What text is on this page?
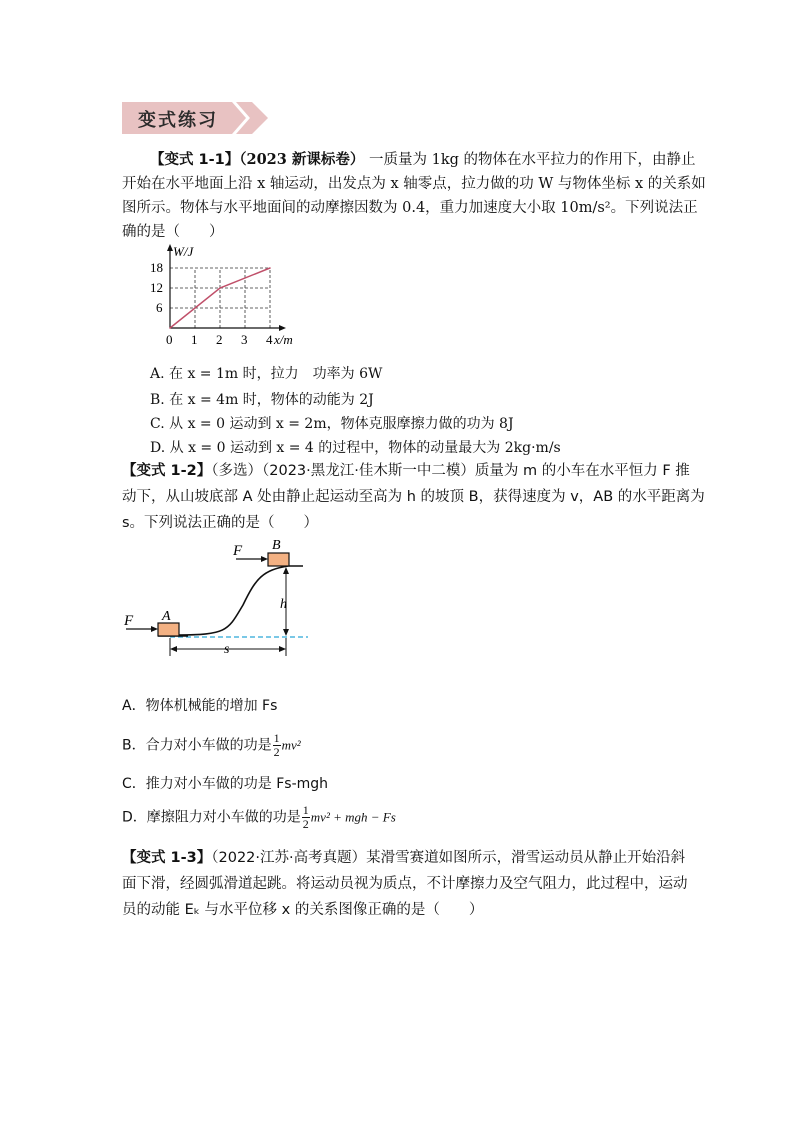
变式练习
【变式 1-1】（2023 新课标卷） 一质量为 1kg 的物体在水平拉力的作用下，由静止
开始在水平地面上沿 x 轴运动，出发点为 x 轴零点，拉力做的功 W 与物体坐标 x 的关系如
图所示。物体与水平地面间的动摩擦因数为 0.4，重力加速度大小取 10m/s²。下列说法正
确的是（　　）
0 1 2 3 4
6
12
18
W/J
x/m
A. 在 x = 1m 时，拉力　功率为 6W
B. 在 x = 4m 时，物体的动能为 2J
C. 从 x = 0 运动到 x = 2m，物体克服摩擦力做的功为 8J
D. 从 x = 0 运动到 x = 4 的过程中，物体的动量最大为 2kg·m/s
【变式 1-2】（多选）（2023·黑龙江·佳木斯一中二模）质量为 m 的小车在水平恒力 F 推
动下，从山坡底部 A 处由静止起运动至高为 h 的坡顶 B，获得速度为 v，AB 的水平距离为
s。下列说法正确的是（　　）
F B
A
F
h
s
A．物体机械能的增加 Fs
B．合力对小车做的功是 $\frac{1}{2} mv^2$
C．推力对小车做的功是 Fs-mgh
D．摩擦阻力对小车做的功是 $\frac{1}{2} mv^2$ + mgh − Fs
【变式 1-3】（2022·江苏·高考真题）某滑雪赛道如图所示，滑雪运动员从静止开始沿斜
面下滑，经圆弧滑道起跳。将运动员视为质点，不计摩擦力及空气阻力，此过程中，运动
员的动能 Eₖ 与水平位移 x 的关系图像正确的是（　　）
